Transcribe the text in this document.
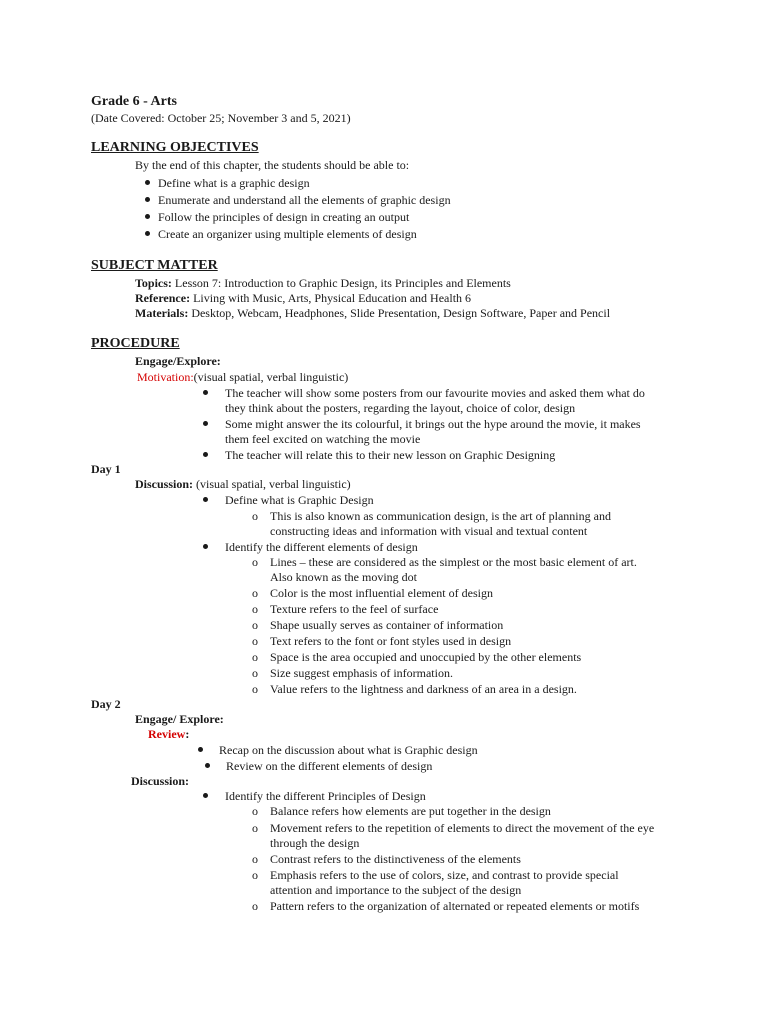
Grade 6 - Arts
(Date Covered: October 25; November 3 and 5, 2021)
LEARNING OBJECTIVES
By the end of this chapter, the students should be able to:
Define what is a graphic design
Enumerate and understand all the elements of graphic design
Follow the principles of design in creating an output
Create an organizer using multiple elements of design
SUBJECT MATTER
Topics: Lesson 7: Introduction to Graphic Design, its Principles and Elements
Reference: Living with Music, Arts, Physical Education and Health 6
Materials: Desktop, Webcam, Headphones, Slide Presentation, Design Software, Paper and Pencil
PROCEDURE
Engage/Explore:
Motivation:(visual spatial, verbal linguistic)
The teacher will show some posters from our favourite movies and asked them what do
they think about the posters, regarding the layout, choice of color, design
Some might answer the its colourful, it brings out the hype around the movie, it makes
them feel excited on watching the movie
The teacher will relate this to their new lesson on Graphic Designing
Day 1
Discussion: (visual spatial, verbal linguistic)
Define what is Graphic Design
o This is also known as communication design, is the art of planning and
constructing ideas and information with visual and textual content
Identify the different elements of design
o Lines – these are considered as the simplest or the most basic element of art.
Also known as the moving dot
o Color is the most influential element of design
o Texture refers to the feel of surface
o Shape usually serves as container of information
o Text refers to the font or font styles used in design
o Space is the area occupied and unoccupied by the other elements
o Size suggest emphasis of information.
o Value refers to the lightness and darkness of an area in a design.
Day 2
Engage/ Explore:
Review:
Recap on the discussion about what is Graphic design
Review on the different elements of design
Discussion:
Identify the different Principles of Design
o Balance refers how elements are put together in the design
o Movement refers to the repetition of elements to direct the movement of the eye
through the design
o Contrast refers to the distinctiveness of the elements
o Emphasis refers to the use of colors, size, and contrast to provide special
attention and importance to the subject of the design
o Pattern refers to the organization of alternated or repeated elements or motifs
